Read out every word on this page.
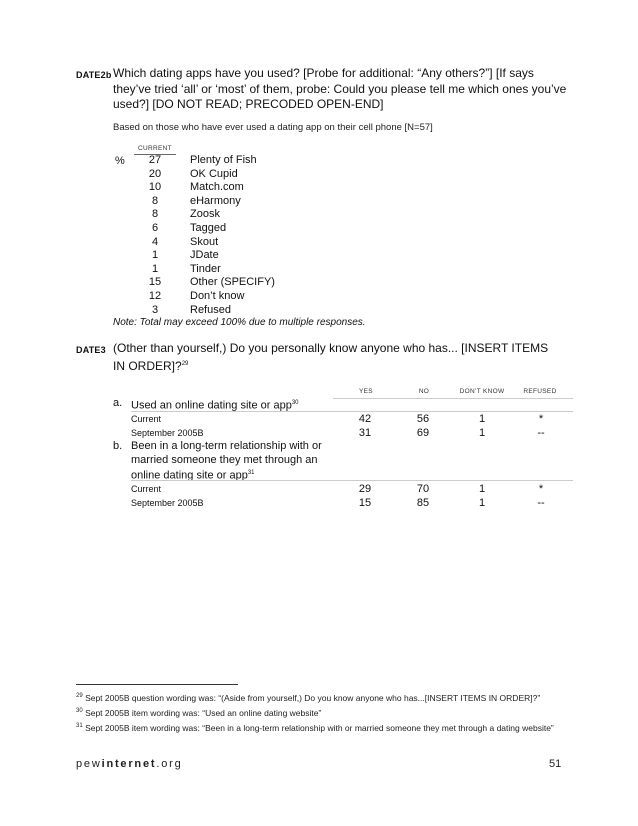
DATE2b Which dating apps have you used? [Probe for additional: “Any others?”] [If says they’ve tried ‘all’ or ‘most’ of them, probe: Could you please tell me which ones you’ve used?] [DO NOT READ; PRECODED OPEN-END]
Based on those who have ever used a dating app on their cell phone [N=57]
CURRENT
%	27	Plenty of Fish
20	OK Cupid
10	Match.com
8	eHarmony
8	Zoosk
6	Tagged
4	Skout
1	JDate
1	Tinder
15	Other (SPECIFY)
12	Don’t know
3	Refused
Note: Total may exceed 100% due to multiple responses.
DATE3 (Other than yourself,) Do you personally know anyone who has... [INSERT ITEMS IN ORDER]?$^{29}$
YES	NO	DON’T KNOW	REFUSED
a. Used an online dating site or app$^{30}$
Current	42	56	1	*
September 2005B	31	69	1	--
b. Been in a long-term relationship with or married someone they met through an online dating site or app$^{31}$
Current	29	70	1	*
September 2005B	15	85	1	--
$^{29}$ Sept 2005B question wording was: “(Aside from yourself,) Do you know anyone who has...[INSERT ITEMS IN ORDER]?”
$^{30}$ Sept 2005B item wording was: “Used an online dating website”
$^{31}$ Sept 2005B item wording was: “Been in a long-term relationship with or married someone they met through a dating website”
pewinternet.org	51
